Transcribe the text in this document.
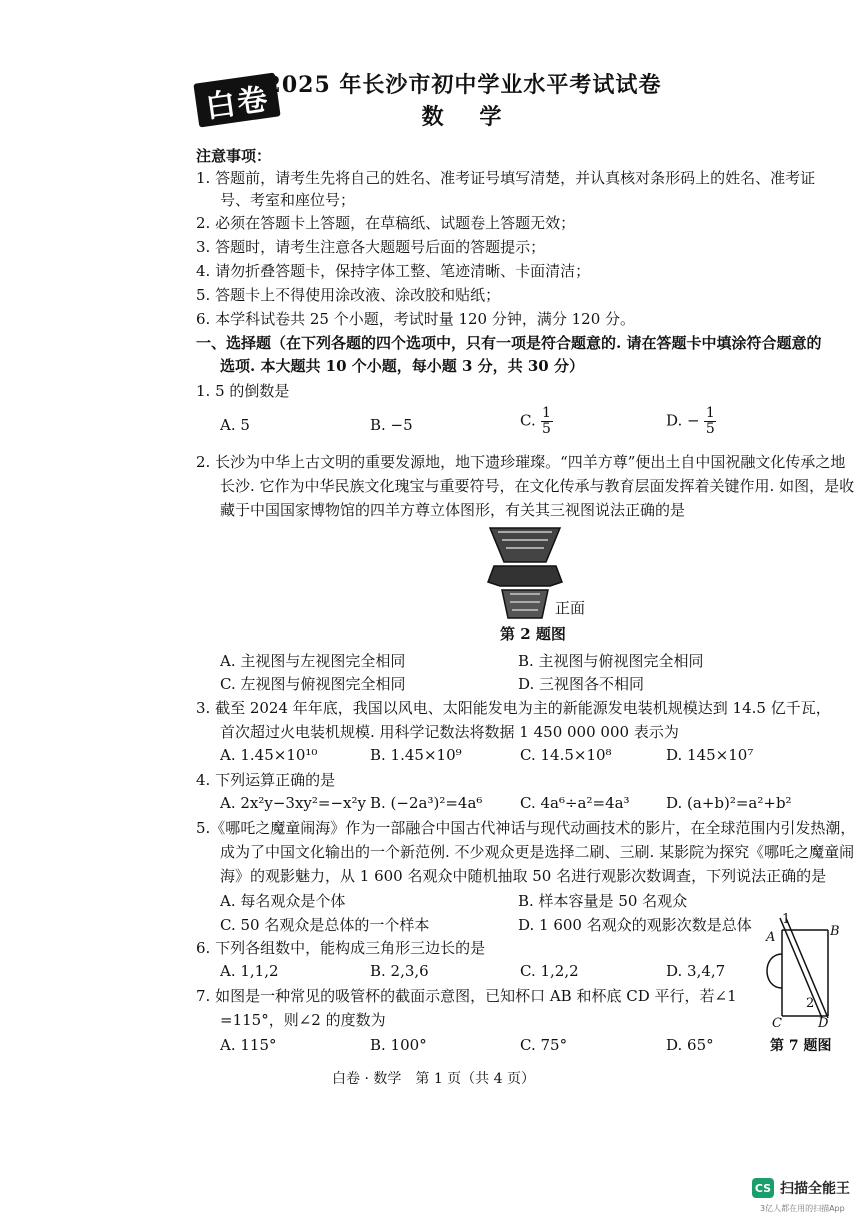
白卷
2025 年长沙市初中学业水平考试试卷
数 学
注意事项：
1. 答题前，请考生先将自己的姓名、准考证号填写清楚，并认真核对条形码上的姓名、准考证
号、考室和座位号；
2. 必须在答题卡上答题，在草稿纸、试题卷上答题无效；
3. 答题时，请考生注意各大题题号后面的答题提示；
4. 请勿折叠答题卡，保持字体工整、笔迹清晰、卡面清洁；
5. 答题卡上不得使用涂改液、涂改胶和贴纸；
6. 本学科试卷共 25 个小题，考试时量 120 分钟，满分 120 分。
一、选择题（在下列各题的四个选项中，只有一项是符合题意的. 请在答题卡中填涂符合题意的
选项. 本大题共 10 个小题，每小题 3 分，共 30 分）
1. 5 的倒数是
A. 5	B. −5	C. $\frac{1}{5}$	D. − $\frac{1}{5}$
2. 长沙为中华上古文明的重要发源地，地下遗珍璀璨。“四羊方尊”便出土自中国祝融文化传承之地
长沙. 它作为中华民族文化瑰宝与重要符号，在文化传承与教育层面发挥着关键作用. 如图，是收
藏于中国国家博物馆的四羊方尊立体图形，有关其三视图说法正确的是
正面
第 2 题图
A. 主视图与左视图完全相同	B. 主视图与俯视图完全相同
C. 左视图与俯视图完全相同	D. 三视图各不相同
3. 截至 2024 年年底，我国以风电、太阳能发电为主的新能源发电装机规模达到 14.5 亿千瓦，
首次超过火电装机规模. 用科学记数法将数据 1 450 000 000 表示为
A. 1.45×10¹⁰	B. 1.45×10⁹	C. 14.5×10⁸	D. 145×10⁷
4. 下列运算正确的是
A. 2x²y−3xy²=−x²y B. (−2a³)²=4a⁶	C. 4a⁶÷a²=4a³ D. (a+b)²=a²+b²
5.《哪吒之魔童闹海》作为一部融合中国古代神话与现代动画技术的影片，在全球范围内引发热潮，
成为了中国文化输出的一个新范例. 不少观众更是选择二刷、三刷. 某影院为探究《哪吒之魔童闹
海》的观影魅力，从 1 600 名观众中随机抽取 50 名进行观影次数调查，下列说法正确的是
A. 每名观众是个体	B. 样本容量是 50 名观众
C. 50 名观众是总体的一个样本	D. 1 600 名观众的观影次数是总体
6. 下列各组数中，能构成三角形三边长的是
A. 1,1,2	B. 2,3,6	C. 1,2,2	D. 3,4,7
7. 如图是一种常见的吸管杯的截面示意图，已知杯口 AB 和杯底 CD 平行，若∠1
=115°，则∠2 的度数为
A. 115°	B. 100°	C. 75°	D. 65°
1
A	B
2
C	D
第 7 题图
白卷 · 数学　第 1 页（共 4 页）
CS 扫描全能王
3亿人都在用的扫描App
